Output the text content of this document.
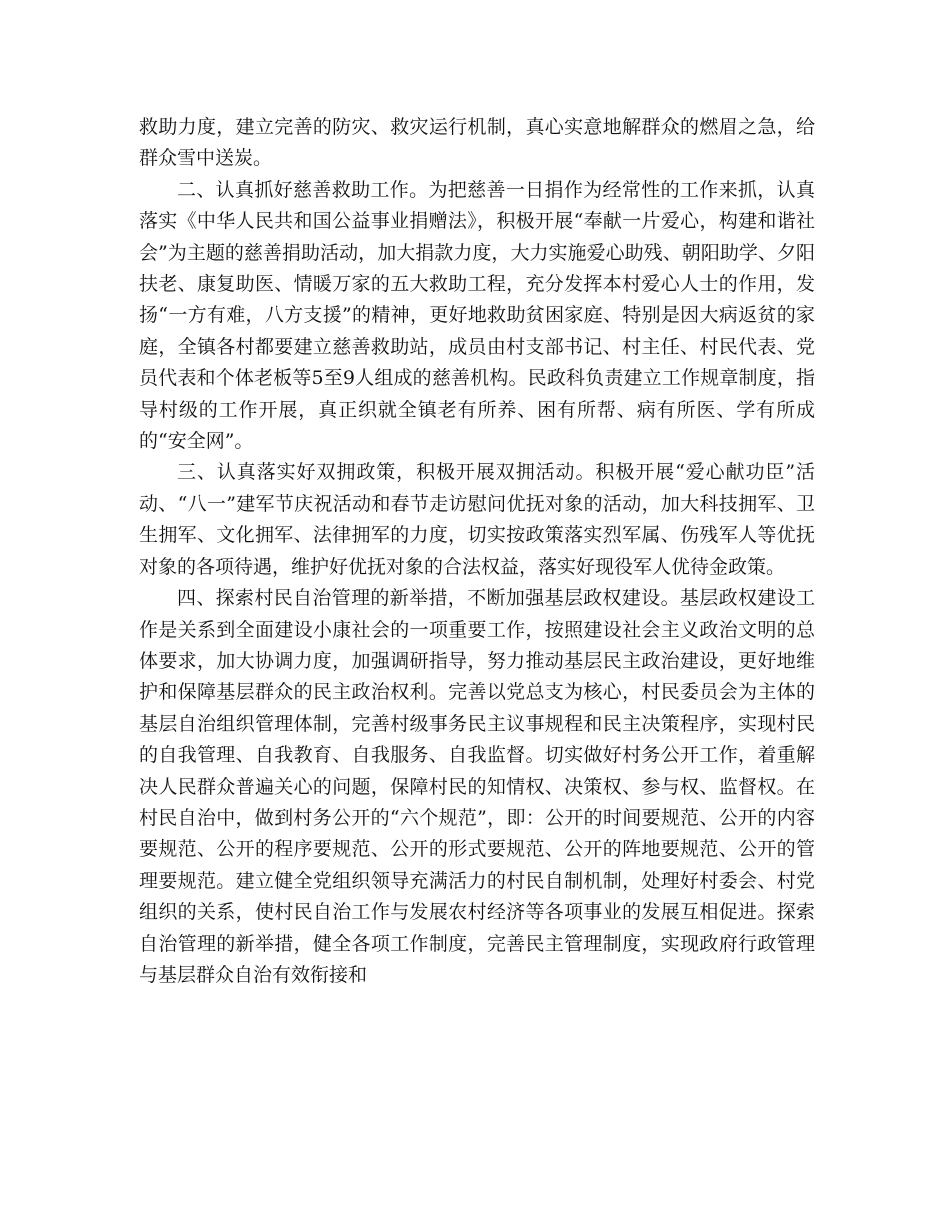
救助力度，建立完善的防灾、救灾运行机制，真心实意地解群众的燃眉之急，给群众雪中送炭。

二、认真抓好慈善救助工作。为把慈善一日捐作为经常性的工作来抓，认真落实《中华人民共和国公益事业捐赠法》，积极开展“奉献一片爱心，构建和谐社会”为主题的慈善捐助活动，加大捐款力度，大力实施爱心助残、朝阳助学、夕阳扶老、康复助医、情暖万家的五大救助工程，充分发挥本村爱心人士的作用，发扬“一方有难，八方支援”的精神，更好地救助贫困家庭、特别是因大病返贫的家庭，全镇各村都要建立慈善救助站，成员由村支部书记、村主任、村民代表、党员代表和个体老板等5至9人组成的慈善机构。民政科负责建立工作规章制度，指导村级的工作开展，真正织就全镇老有所养、困有所帮、病有所医、学有所成的“安全网”。

三、认真落实好双拥政策，积极开展双拥活动。积极开展“爱心献功臣”活动、“八一”建军节庆祝活动和春节走访慰问优抚对象的活动，加大科技拥军、卫生拥军、文化拥军、法律拥军的力度，切实按政策落实烈军属、伤残军人等优抚对象的各项待遇，维护好优抚对象的合法权益，落实好现役军人优待金政策。

四、探索村民自治管理的新举措，不断加强基层政权建设。基层政权建设工作是关系到全面建设小康社会的一项重要工作，按照建设社会主义政治文明的总体要求，加大协调力度，加强调研指导，努力推动基层民主政治建设，更好地维护和保障基层群众的民主政治权利。完善以党总支为核心，村民委员会为主体的基层自治组织管理体制，完善村级事务民主议事规程和民主决策程序，实现村民的自我管理、自我教育、自我服务、自我监督。切实做好村务公开工作，着重解决人民群众普遍关心的问题，保障村民的知情权、决策权、参与权、监督权。在村民自治中，做到村务公开的“六个规范”，即：公开的时间要规范、公开的内容要规范、公开的程序要规范、公开的形式要规范、公开的阵地要规范、公开的管理要规范。建立健全党组织领导充满活力的村民自制机制，处理好村委会、村党组织的关系，使村民自治工作与发展农村经济等各项事业的发展互相促进。探索自治管理的新举措，健全各项工作制度，完善民主管理制度，实现政府行政管理与基层群众自治有效衔接和
